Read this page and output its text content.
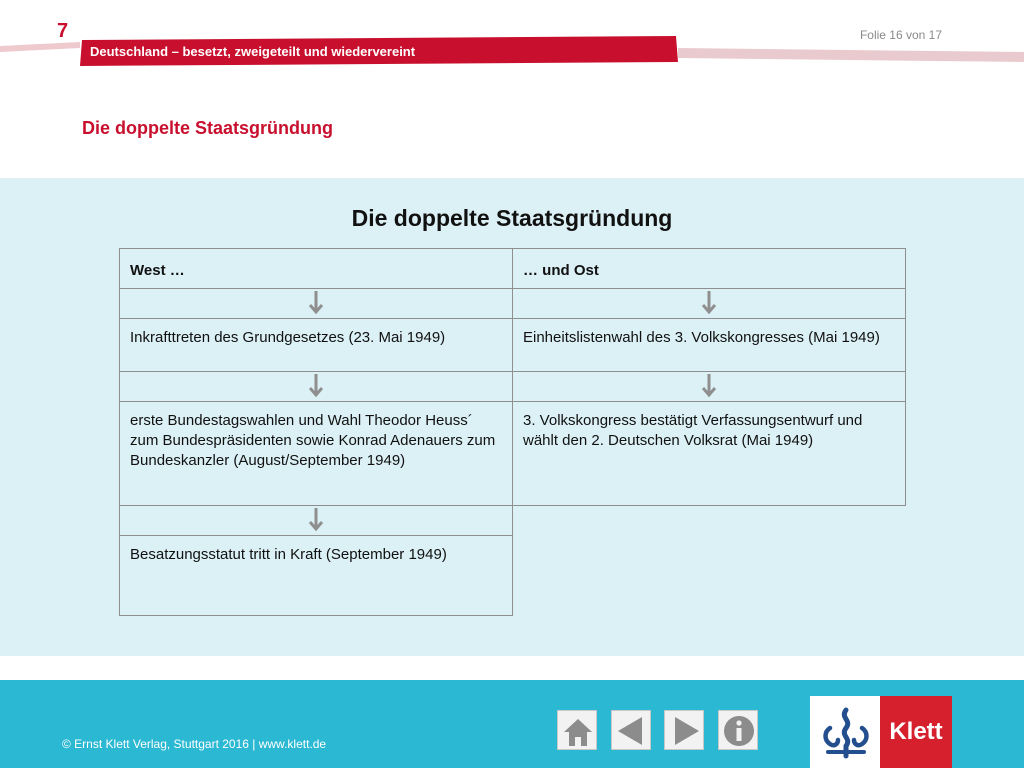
7	Folie 16 von 17
Deutschland – besetzt, zweigeteilt und wiedervereint
Die doppelte Staatsgründung
Die doppelte Staatsgründung
West …
Inkrafttreten des Grundgesetzes (23. Mai 1949)
erste Bundestagswahlen und Wahl Theodor Heuss´ zum Bundespräsidenten sowie Konrad Adenauers zum Bundeskanzler (August/September 1949)
Besatzungsstatut tritt in Kraft (September 1949)
… und Ost
Einheitslistenwahl des 3. Volkskongresses (Mai 1949)
3. Volkskongress bestätigt Verfassungsentwurf und wählt den 2. Deutschen Volksrat (Mai 1949)
© Ernst Klett Verlag, Stuttgart 2016 | www.klett.de	Klett
